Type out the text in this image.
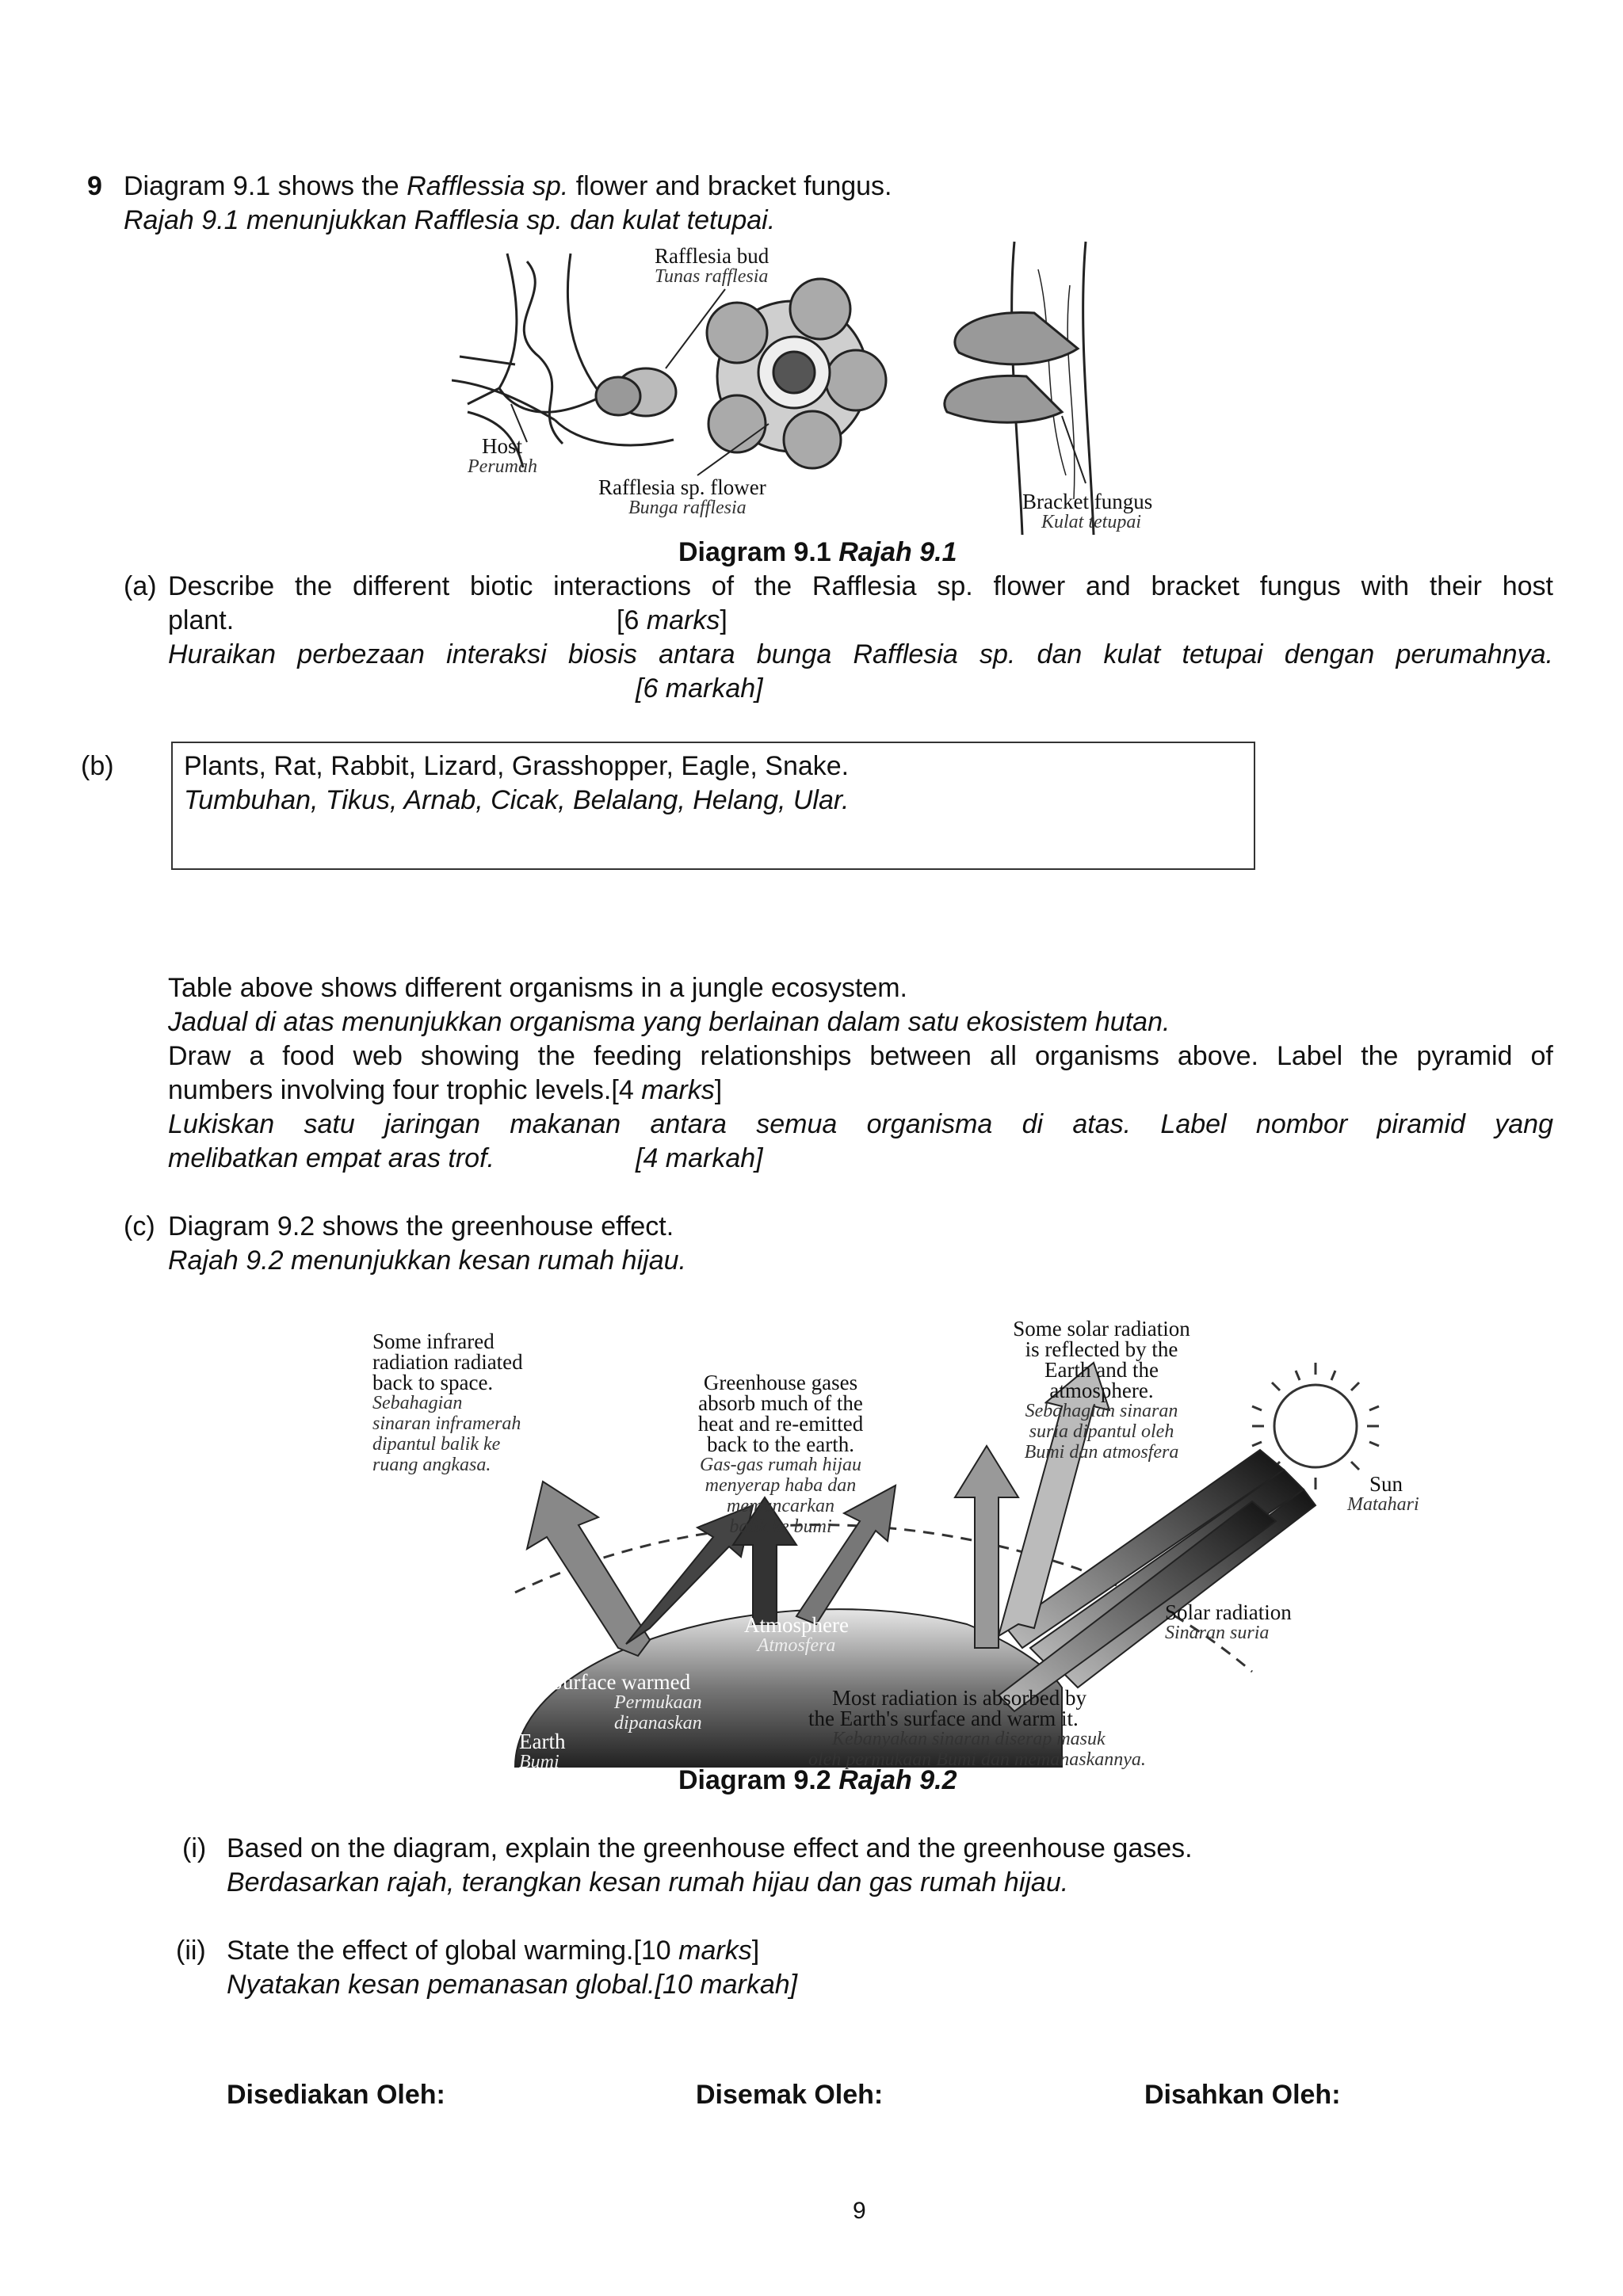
9 Diagram 9.1 shows the Rafflessia sp. flower and bracket fungus.
Rajah 9.1 menunjukkan Rafflesia sp. dan kulat tetupai.
Rafflesia bud
Tunas rafflesia
Host
Perumah
Rafflesia sp. flower
Bunga rafflesia	Bracket fungus
Kulat tetupai
Diagram 9.1 Rajah 9.1
(a) Describe the different biotic interactions of the Rafflesia sp. flower and bracket fungus with their host
plant.	[6 marks]
Huraikan perbezaan interaksi biosis antara bunga Rafflesia sp. dan kulat tetupai dengan perumahnya.
[6 markah]
(b)	Plants, Rat, Rabbit, Lizard, Grasshopper, Eagle, Snake.
Tumbuhan, Tikus, Arnab, Cicak, Belalang, Helang, Ular.
Table above shows different organisms in a jungle ecosystem.
Jadual di atas menunjukkan organisma yang berlainan dalam satu ekosistem hutan.
Draw a food web showing the feeding relationships between all organisms above. Label the pyramid of
numbers involving four trophic levels.[4 marks]
Lukiskan satu jaringan makanan antara semua organisma di atas. Label nombor piramid yang
melibatkan empat aras trof.	[4 markah]
(c) Diagram 9.2 shows the greenhouse effect.
Rajah 9.2 menunjukkan kesan rumah hijau.
Some infrared
radiation radiated
back to space.
Sebahagian
sinaran inframerah
dipantul balik ke
ruang angkasa.
Greenhouse gases
absorb much of the
heat and re-emitted
back to the earth.
Gas-gas rumah hijau
menyerap haba dan
memancarkan
balik ke bumi
Some solar radiation
is reflected by the
Earth and the
atmosphere.
Sebahagian sinaran
suria dipantul oleh
Bumi dan atmosfera
Sun
Matahari
Solar radiation
Sinaran suria
Atmosphere
Atmosfera
Surface warmed
Permukaan
dipanaskan
Earth
Bumi
Most radiation is absorbed by
the Earth's surface and warm it.
Kebanyakan sinaran diserap masuk
oleh permukaan Bumi dan memanaskannya.
Diagram 9.2 Rajah 9.2
(i) Based on the diagram, explain the greenhouse effect and the greenhouse gases.
Berdasarkan rajah, terangkan kesan rumah hijau dan gas rumah hijau.
(ii) State the effect of global warming.[10 marks]
Nyatakan kesan pemanasan global.[10 markah]
Disediakan Oleh:	Disemak Oleh:	Disahkan Oleh:
9
